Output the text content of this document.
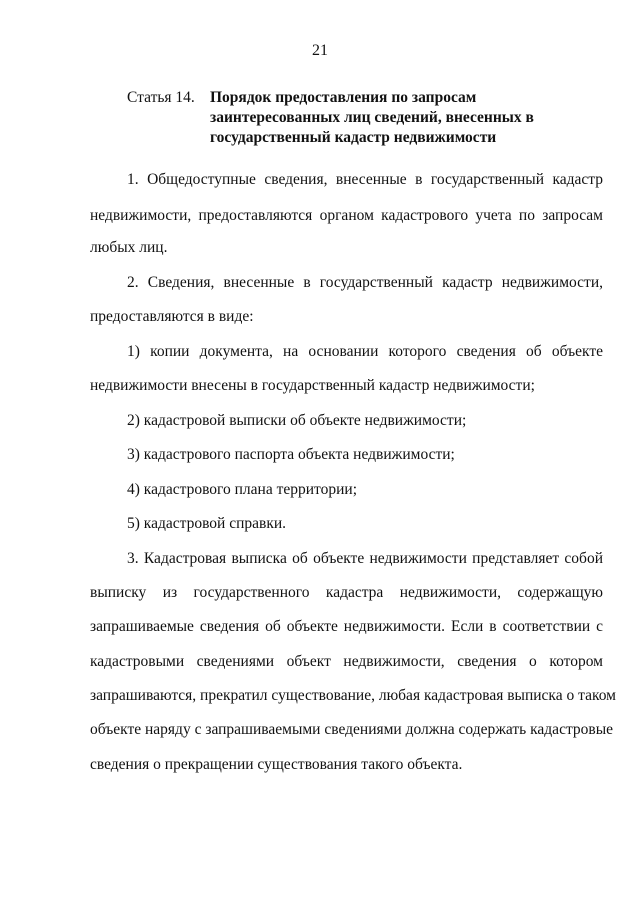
21
Статья 14. Порядок предоставления по запросам
заинтересованных лиц сведений, внесенных в
государственный кадастр недвижимости
1. Общедоступные сведения, внесенные в государственный кадастр
недвижимости, предоставляются органом кадастрового учета по запросам
любых лиц.
2. Сведения, внесенные в государственный кадастр недвижимости,
предоставляются в виде:
1) копии документа, на основании которого сведения об объекте
недвижимости внесены в государственный кадастр недвижимости;
2) кадастровой выписки об объекте недвижимости;
3) кадастрового паспорта объекта недвижимости;
4) кадастрового плана территории;
5) кадастровой справки.
3. Кадастровая выписка об объекте недвижимости представляет собой
выписку из государственного кадастра недвижимости, содержащую
запрашиваемые сведения об объекте недвижимости. Если в соответствии с
кадастровыми сведениями объект недвижимости, сведения о котором
запрашиваются, прекратил существование, любая кадастровая выписка о таком
объекте наряду с запрашиваемыми сведениями должна содержать кадастровые
сведения о прекращении существования такого объекта.
